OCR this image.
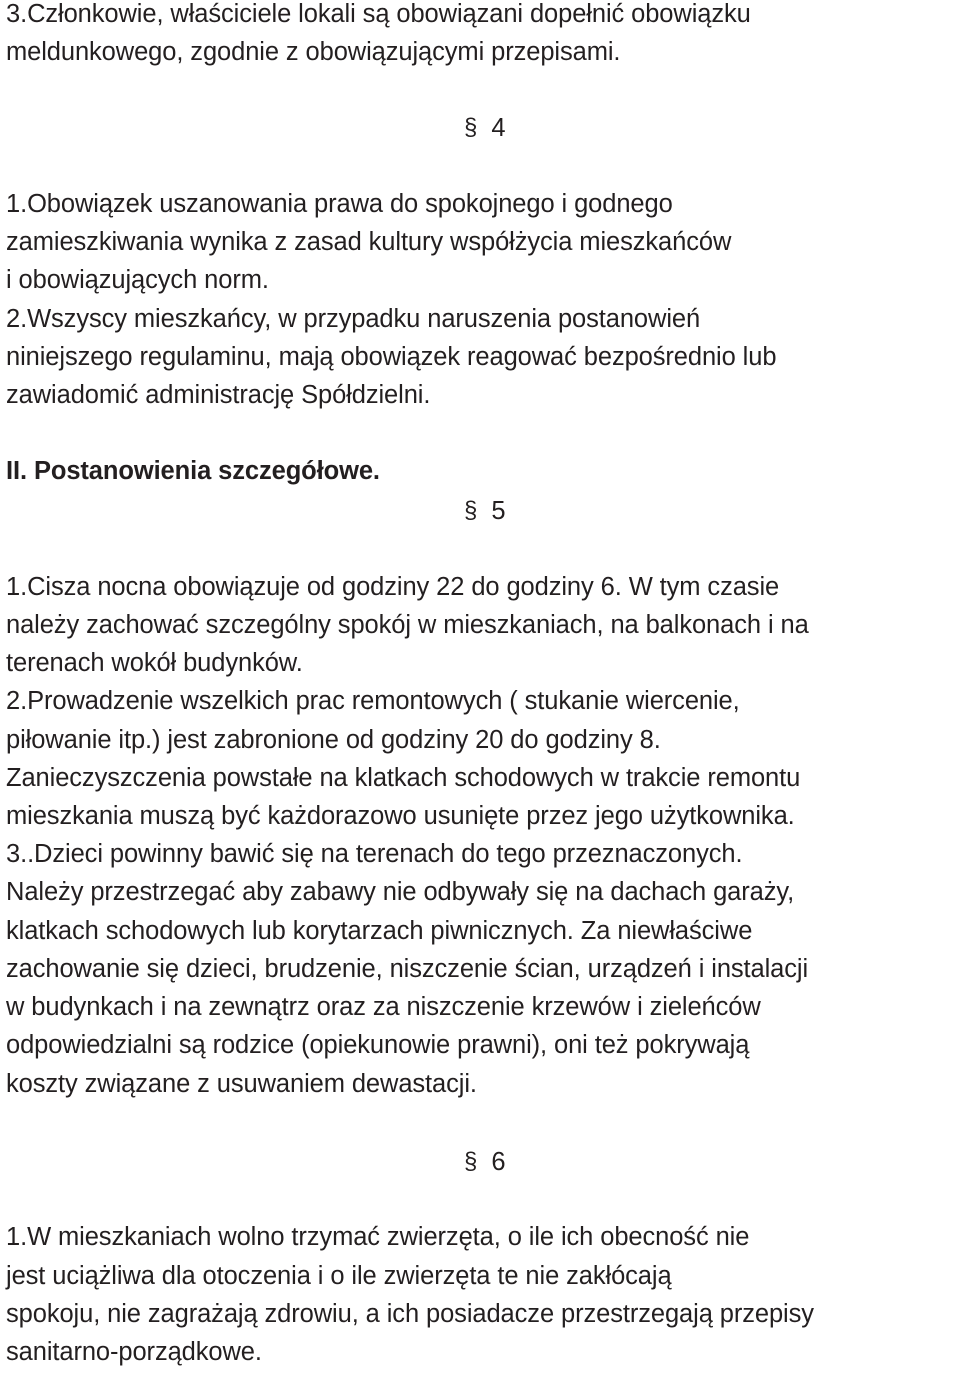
3.Członkowie, właściciele lokali są obowiązani dopełnić obowiązku
meldunkowego, zgodnie z obowiązującymi przepisami.
§ 4
1.Obowiązek uszanowania prawa do spokojnego i godnego
zamieszkiwania wynika z zasad kultury współżycia mieszkańców
i obowiązujących norm.
2.Wszyscy mieszkańcy, w przypadku naruszenia postanowień
niniejszego regulaminu, mają obowiązek reagować bezpośrednio lub
zawiadomić administrację Spółdzielni.
II. Postanowienia szczegółowe.
§ 5
1.Cisza nocna obowiązuje od godziny 22 do godziny 6. W tym czasie
należy zachować szczególny spokój w mieszkaniach, na balkonach i na
terenach wokół budynków.
2.Prowadzenie wszelkich prac remontowych ( stukanie wiercenie,
piłowanie itp.) jest zabronione od godziny 20 do godziny 8.
Zanieczyszczenia powstałe na klatkach schodowych w trakcie remontu
mieszkania muszą być każdorazowo usunięte przez jego użytkownika.
3..Dzieci powinny bawić się na terenach do tego przeznaczonych.
Należy przestrzegać aby zabawy nie odbywały się na dachach garaży,
klatkach schodowych lub korytarzach piwnicznych. Za niewłaściwe
zachowanie się dzieci, brudzenie, niszczenie ścian, urządzeń i instalacji
w budynkach i na zewnątrz oraz za niszczenie krzewów i zieleńców
odpowiedzialni są rodzice (opiekunowie prawni), oni też pokrywają
koszty związane z usuwaniem dewastacji.
§ 6
1.W mieszkaniach wolno trzymać zwierzęta, o ile ich obecność nie
jest uciążliwa dla otoczenia i o ile zwierzęta te nie zakłócają
spokoju, nie zagrażają zdrowiu, a ich posiadacze przestrzegają przepisy
sanitarno-porządkowe.
